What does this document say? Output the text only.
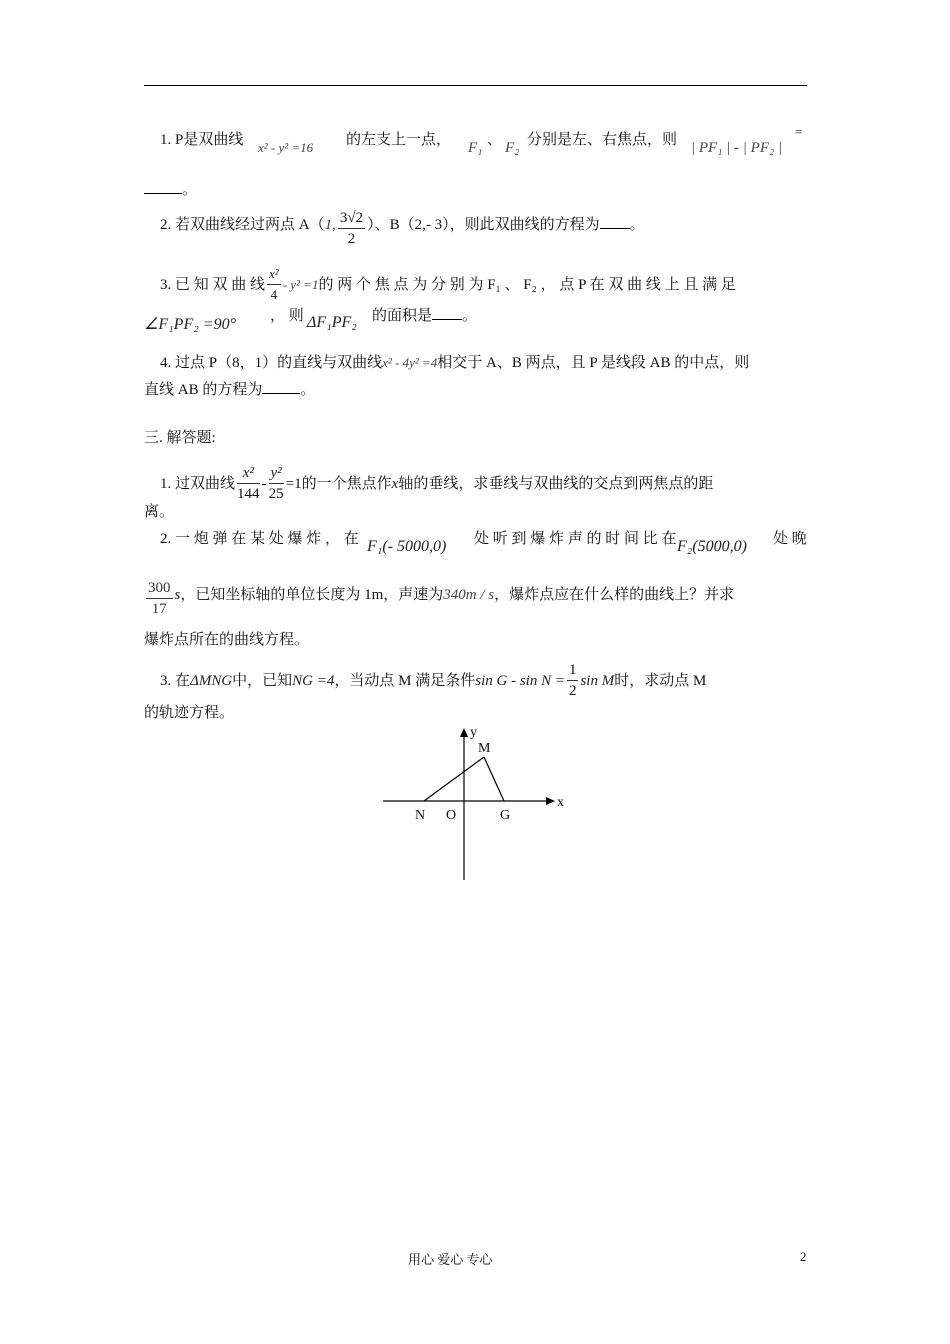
1. P是双曲线 x² - y² =16 的左支上一点， F₁ 、 F₂ 分别是左、右焦点，则 | PF₁ | - | PF₂ |
=
。
2. 若双曲线经过两点 A（1, $\frac{3√2}{2}$ ）、B（2,- 3），则此双曲线的方程为 。
3. 已 知 双 曲 线 $\frac{\text{x²}}{4} - y^2 =1$的 两 个 焦 点 为 分 别 为 F₁ 、 F₂ ， 点 P 在 双 曲 线 上 且 满 足
∠F₁PF₂ =90° ， 则 ΔF₁PF₂ 的面积是 。
4. 过点 P（8，1）的直线与双曲线x² - 4y² =4相交于 A、B 两点，且 P 是线段 AB 的中点，则
直线 AB 的方程为	。
三. 解答题:
1. 过双曲线 $\frac{\text{x²}}{144} - \frac{\text{y²}}{25} =1$的一个焦点作x轴的垂线，求垂线与双曲线的交点到两焦点的距
离。
2. 一 炮 弹 在 某 处 爆 炸 ， 在 F₁(- 5000,0) 处 听 到 爆 炸 声 的 时 间 比 在 F₂(5000,0) 处 晚
$\frac{300}{17}$ s，已知坐标轴的单位长度为 1m，声速为340m / s，爆炸点应在什么样的曲线上？并求
爆炸点所在的曲线方程。
3. 在ΔMNG中，已知NG =4，当动点 M 满足条件$\sin G - \sin N = \frac{1}{2}$ sin M时，求动点 M
的轨迹方程。
y
x
M
N O	G
用心 爱心 专心	2
